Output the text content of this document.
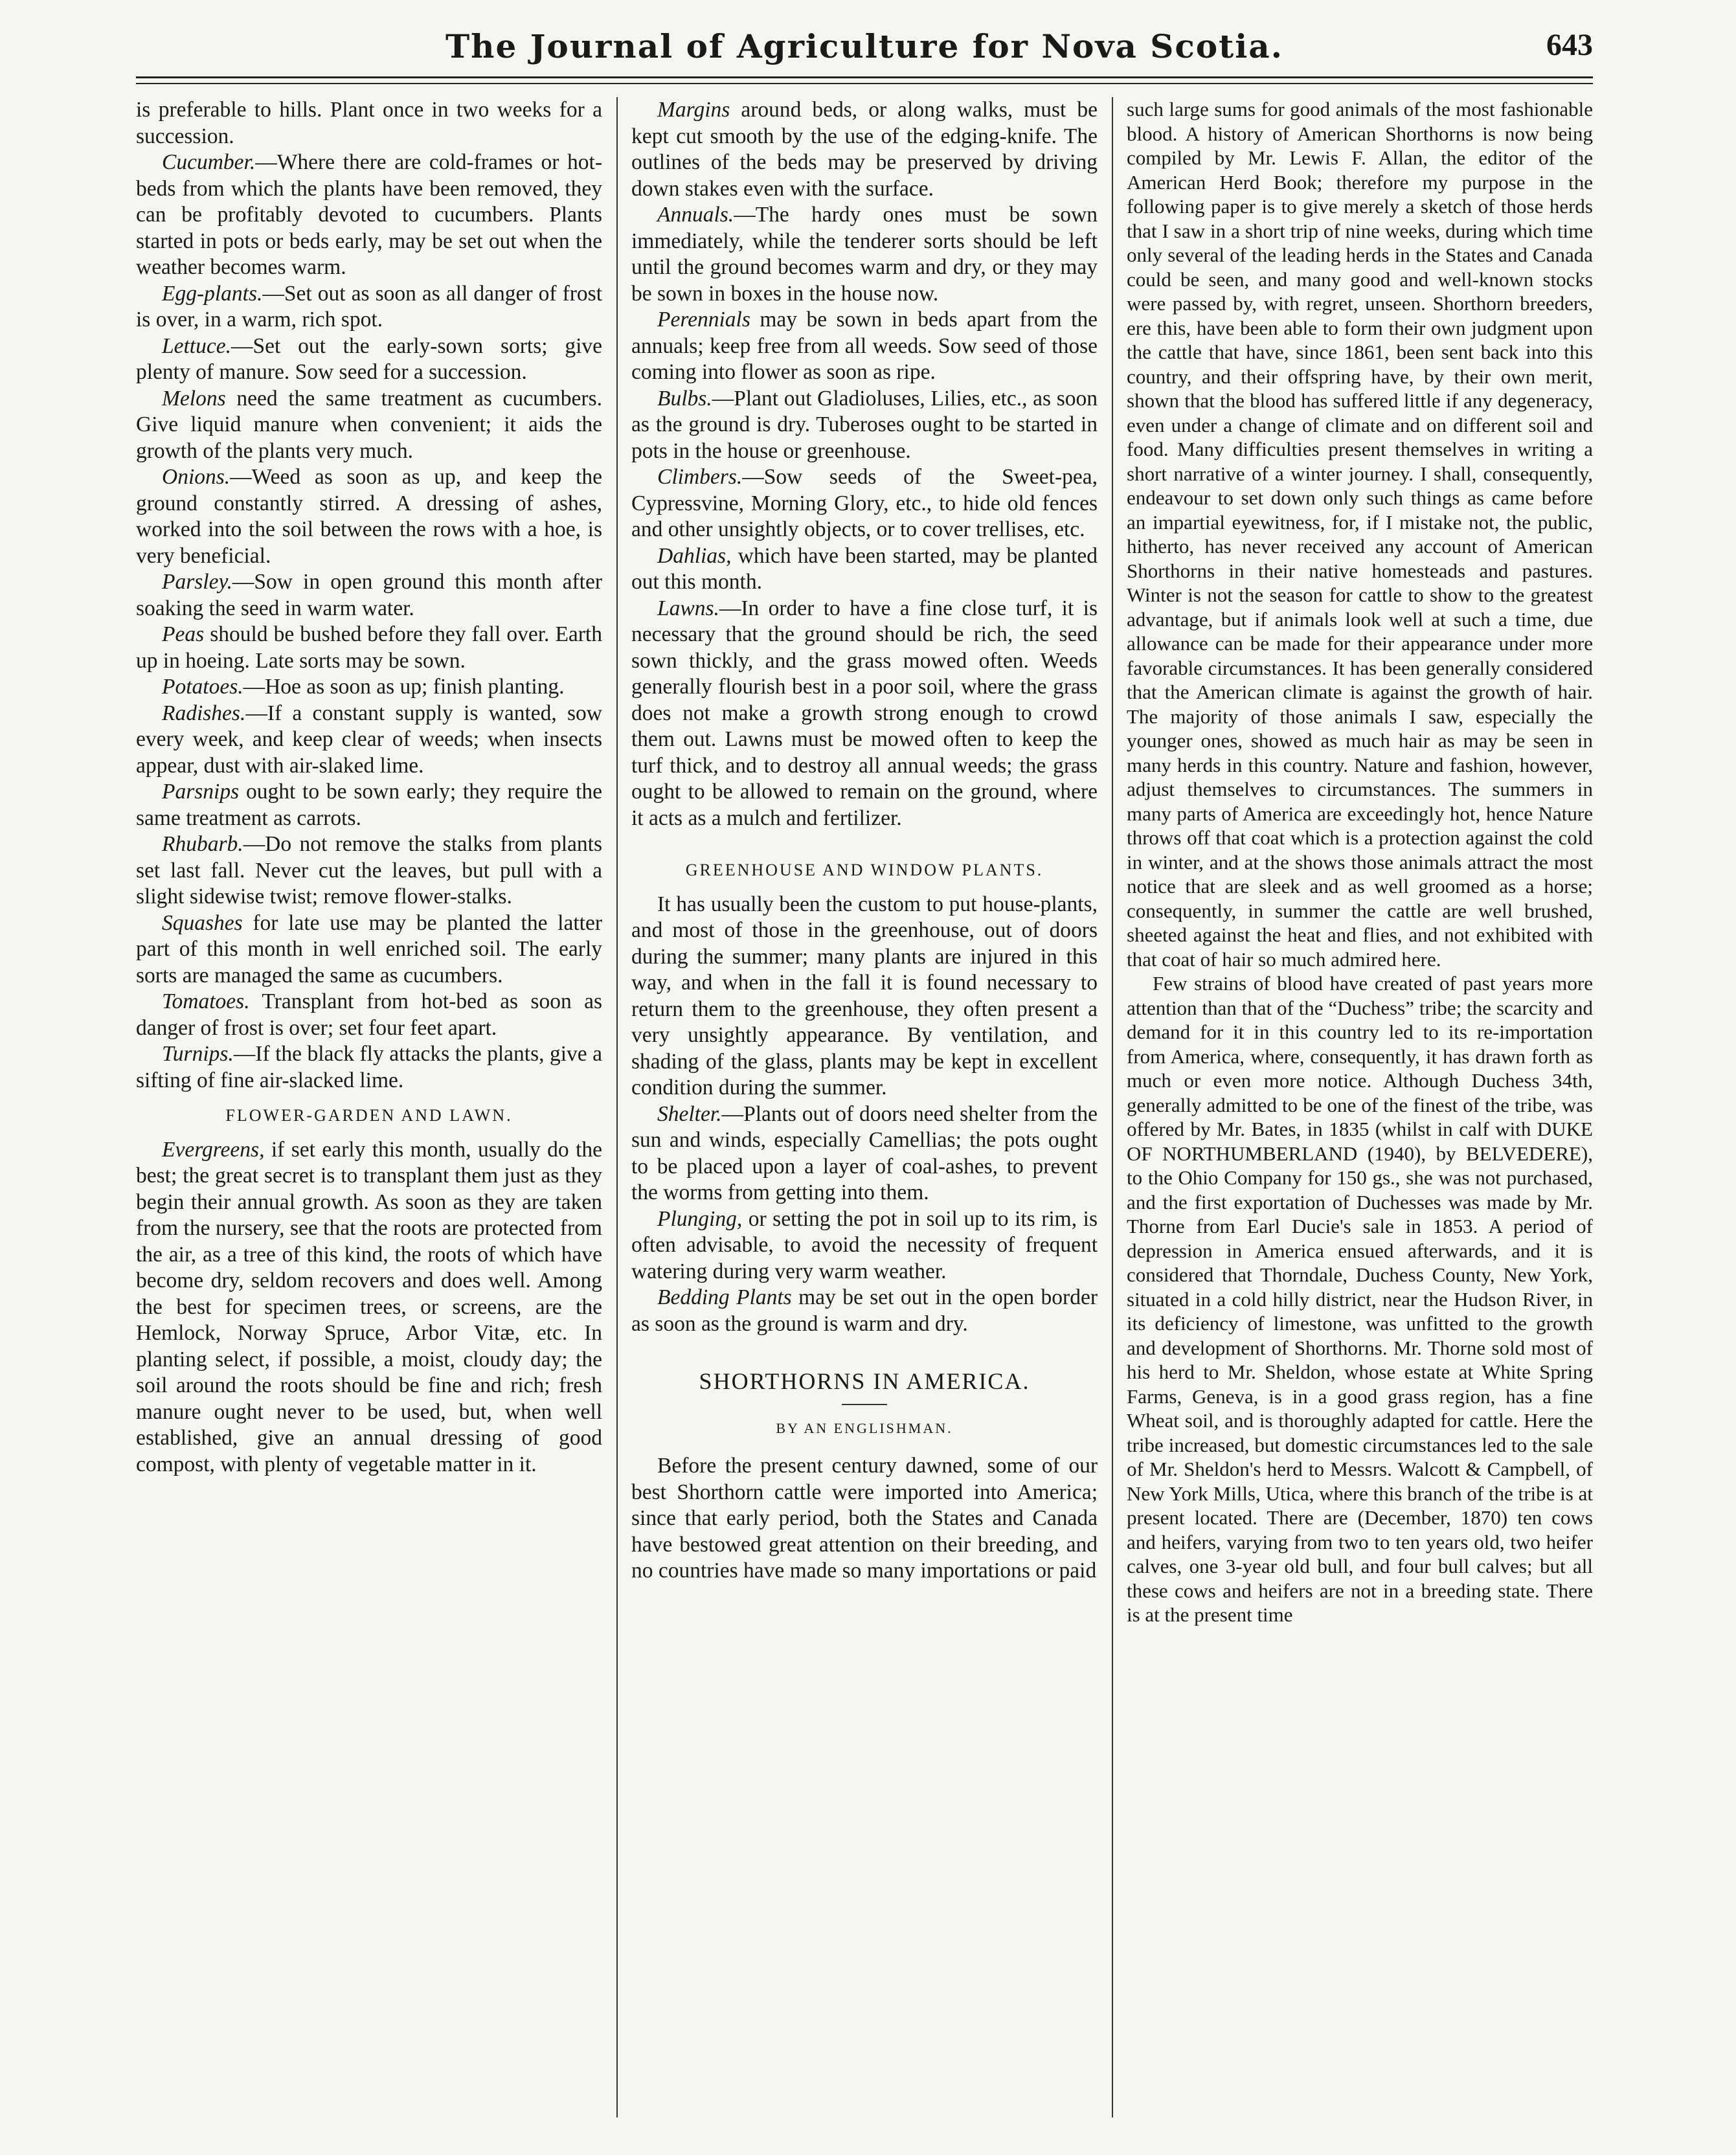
The Journal of Agriculture for Nova Scotia.	643

is preferable to hills. Plant once in two weeks for a succession.

Cucumber.—Where there are cold-frames or hot-beds from which the plants have been removed, they can be profitably devoted to cucumbers. Plants started in pots or beds early, may be set out when the weather becomes warm.

Egg-plants.—Set out as soon as all danger of frost is over, in a warm, rich spot.

Lettuce.—Set out the early-sown sorts; give plenty of manure. Sow seed for a succession.

Melons need the same treatment as cucumbers. Give liquid manure when convenient; it aids the growth of the plants very much.

Onions.—Weed as soon as up, and keep the ground constantly stirred. A dressing of ashes, worked into the soil between the rows with a hoe, is very beneficial.

Parsley.—Sow in open ground this month after soaking the seed in warm water.

Peas should be bushed before they fall over. Earth up in hoeing. Late sorts may be sown.

Potatoes.—Hoe as soon as up; finish planting.

Radishes.—If a constant supply is wanted, sow every week, and keep clear of weeds; when insects appear, dust with air-slaked lime.

Parsnips ought to be sown early; they require the same treatment as carrots.

Rhubarb.—Do not remove the stalks from plants set last fall. Never cut the leaves, but pull with a slight sidewise twist; remove flower-stalks.

Squashes for late use may be planted the latter part of this month in well enriched soil. The early sorts are managed the same as cucumbers.

Tomatoes. Transplant from hot-bed as soon as danger of frost is over; set four feet apart.

Turnips.—If the black fly attacks the plants, give a sifting of fine air-slacked lime.

FLOWER-GARDEN AND LAWN.

Evergreens, if set early this month, usually do the best; the great secret is to transplant them just as they begin their annual growth. As soon as they are taken from the nursery, see that the roots are protected from the air, as a tree of this kind, the roots of which have become dry, seldom recovers and does well. Among the best for specimen trees, or screens, are the Hemlock, Norway Spruce, Arbor Vitæ, etc. In planting select, if possible, a moist, cloudy day; the soil around the roots should be fine and rich; fresh manure ought never to be used, but, when well established, give an annual dressing of good compost, with plenty of vegetable matter in it.

Margins around beds, or along walks, must be kept cut smooth by the use of the edging-knife. The outlines of the beds may be preserved by driving down stakes even with the surface.

Annuals.—The hardy ones must be sown immediately, while the tenderer sorts should be left until the ground becomes warm and dry, or they may be sown in boxes in the house now.

Perennials may be sown in beds apart from the annuals; keep free from all weeds. Sow seed of those coming into flower as soon as ripe.

Bulbs.—Plant out Gladioluses, Lilies, etc., as soon as the ground is dry. Tuberoses ought to be started in pots in the house or greenhouse.

Climbers.—Sow seeds of the Sweet-pea, Cypressvine, Morning Glory, etc., to hide old fences and other unsightly objects, or to cover trellises, etc.

Dahlias, which have been started, may be planted out this month.

Lawns.—In order to have a fine close turf, it is necessary that the ground should be rich, the seed sown thickly, and the grass mowed often. Weeds generally flourish best in a poor soil, where the grass does not make a growth strong enough to crowd them out. Lawns must be mowed often to keep the turf thick, and to destroy all annual weeds; the grass ought to be allowed to remain on the ground, where it acts as a mulch and fertilizer.

GREENHOUSE AND WINDOW PLANTS.

It has usually been the custom to put house-plants, and most of those in the greenhouse, out of doors during the summer; many plants are injured in this way, and when in the fall it is found necessary to return them to the greenhouse, they often present a very unsightly appearance. By ventilation, and shading of the glass, plants may be kept in excellent condition during the summer.

Shelter.—Plants out of doors need shelter from the sun and winds, especially Camellias; the pots ought to be placed upon a layer of coal-ashes, to prevent the worms from getting into them.

Plunging, or setting the pot in soil up to its rim, is often advisable, to avoid the necessity of frequent watering during very warm weather.

Bedding Plants may be set out in the open border as soon as the ground is warm and dry.

SHORTHORNS IN AMERICA.

BY AN ENGLISHMAN.

Before the present century dawned, some of our best Shorthorn cattle were imported into America; since that early period, both the States and Canada have bestowed great attention on their breeding, and no countries have made so many importations or paid

such large sums for good animals of the most fashionable blood. A history of American Shorthorns is now being compiled by Mr. Lewis F. Allan, the editor of the American Herd Book; therefore my purpose in the following paper is to give merely a sketch of those herds that I saw in a short trip of nine weeks, during which time only several of the leading herds in the States and Canada could be seen, and many good and well-known stocks were passed by, with regret, unseen. Shorthorn breeders, ere this, have been able to form their own judgment upon the cattle that have, since 1861, been sent back into this country, and their offspring have, by their own merit, shown that the blood has suffered little if any degeneracy, even under a change of climate and on different soil and food. Many difficulties present themselves in writing a short narrative of a winter journey. I shall, consequently, endeavour to set down only such things as came before an impartial eyewitness, for, if I mistake not, the public, hitherto, has never received any account of American Shorthorns in their native homesteads and pastures. Winter is not the season for cattle to show to the greatest advantage, but if animals look well at such a time, due allowance can be made for their appearance under more favorable circumstances. It has been generally considered that the American climate is against the growth of hair. The majority of those animals I saw, especially the younger ones, showed as much hair as may be seen in many herds in this country. Nature and fashion, however, adjust themselves to circumstances. The summers in many parts of America are exceedingly hot, hence Nature throws off that coat which is a protection against the cold in winter, and at the shows those animals attract the most notice that are sleek and as well groomed as a horse; consequently, in summer the cattle are well brushed, sheeted against the heat and flies, and not exhibited with that coat of hair so much admired here.

Few strains of blood have created of past years more attention than that of the “Duchess” tribe; the scarcity and demand for it in this country led to its re-importation from America, where, consequently, it has drawn forth as much or even more notice. Although Duchess 34th, generally admitted to be one of the finest of the tribe, was offered by Mr. Bates, in 1835 (whilst in calf with DUKE OF NORTHUMBERLAND (1940), by BELVEDERE), to the Ohio Company for 150 gs., she was not purchased, and the first exportation of Duchesses was made by Mr. Thorne from Earl Ducie's sale in 1853. A period of depression in America ensued afterwards, and it is considered that Thorndale, Duchess County, New York, situated in a cold hilly district, near the Hudson River, in its deficiency of limestone, was unfitted to the growth and development of Shorthorns. Mr. Thorne sold most of his herd to Mr. Sheldon, whose estate at White Spring Farms, Geneva, is in a good grass region, has a fine Wheat soil, and is thoroughly adapted for cattle. Here the tribe increased, but domestic circumstances led to the sale of Mr. Sheldon's herd to Messrs. Walcott & Campbell, of New York Mills, Utica, where this branch of the tribe is at present located. There are (December, 1870) ten cows and heifers, varying from two to ten years old, two heifer calves, one 3-year old bull, and four bull calves; but all these cows and heifers are not in a breeding state. There is at the present time
